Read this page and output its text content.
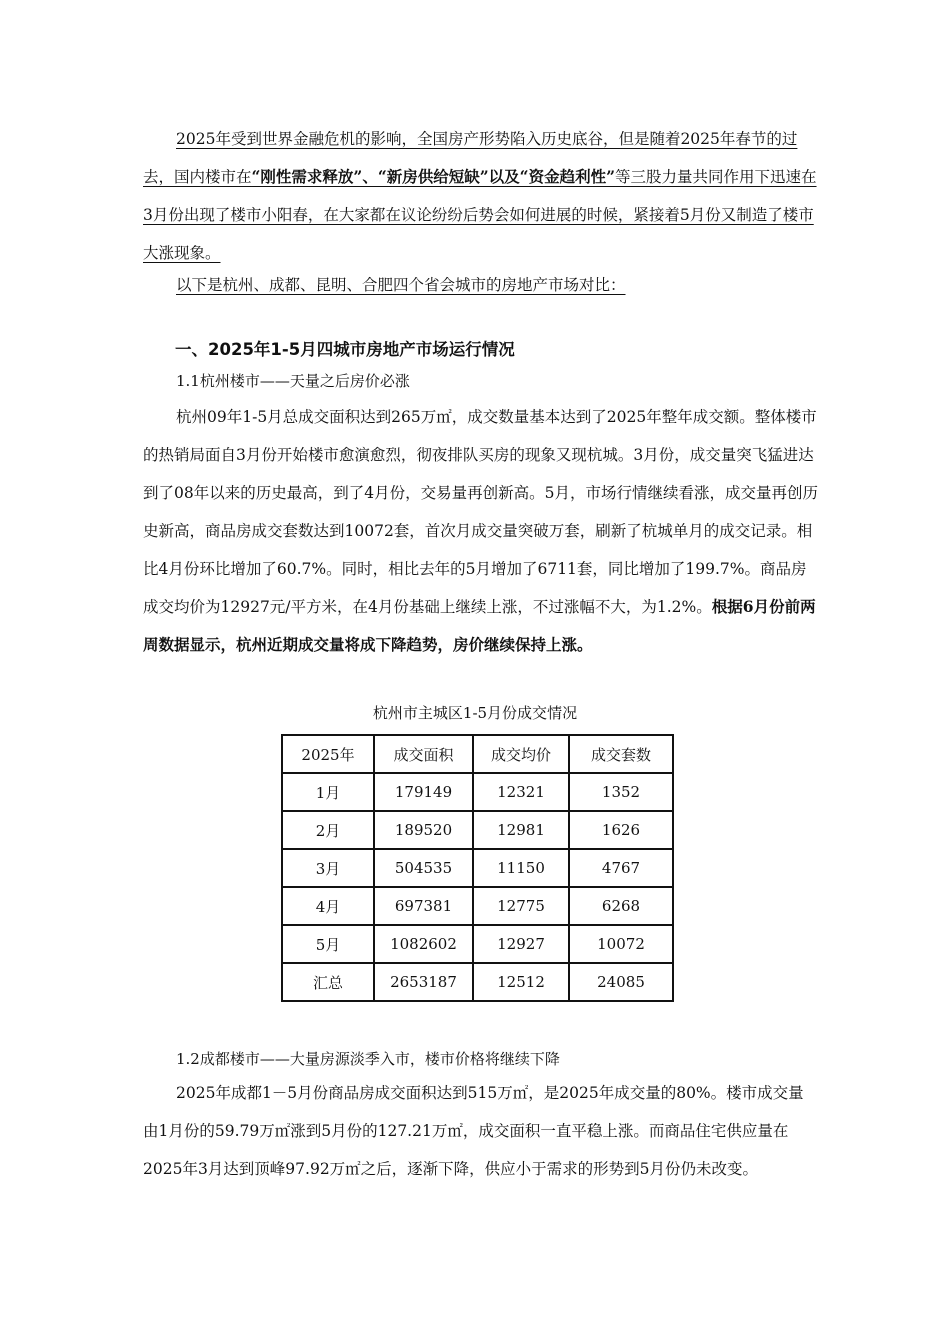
2025年受到世界金融危机的影响，全国房产形势陷入历史底谷，但是随着2025年春节的过去，国内楼市在“刚性需求释放”、“新房供给短缺”以及“资金趋利性”等三股力量共同作用下迅速在3月份出现了楼市小阳春，在大家都在议论纷纷后势会如何进展的时候，紧接着5月份又制造了楼市大涨现象。

以下是杭州、成都、昆明、合肥四个省会城市的房地产市场对比：

一、2025年1-5月四城市房地产市场运行情况

1.1杭州楼市——天量之后房价必涨

杭州09年1-5月总成交面积达到265万㎡，成交数量基本达到了2025年整年成交额。整体楼市的热销局面自3月份开始楼市愈演愈烈，彻夜排队买房的现象又现杭城。3月份，成交量突飞猛进达到了08年以来的历史最高，到了4月份，交易量再创新高。5月，市场行情继续看涨，成交量再创历史新高，商品房成交套数达到10072套，首次月成交量突破万套，刷新了杭城单月的成交记录。相比4月份环比增加了60.7%。同时，相比去年的5月增加了6711套，同比增加了199.7%。商品房成交均价为12927元/平方米，在4月份基础上继续上涨，不过涨幅不大，为1.2%。根据6月份前两周数据显示，杭州近期成交量将成下降趋势，房价继续保持上涨。

杭州市主城区1-5月份成交情况

2025年	成交面积	成交均价	成交套数
1月	179149	12321	1352
2月	189520	12981	1626
3月	504535	11150	4767
4月	697381	12775	6268
5月	1082602	12927	10072
汇总	2653187	12512	24085

1.2成都楼市——大量房源淡季入市，楼市价格将继续下降

2025年成都1－5月份商品房成交面积达到515万㎡，是2025年成交量的80%。楼市成交量由1月份的59.79万㎡涨到5月份的127.21万㎡，成交面积一直平稳上涨。而商品住宅供应量在2025年3月达到顶峰97.92万㎡之后，逐渐下降，供应小于需求的形势到5月份仍未改变。
